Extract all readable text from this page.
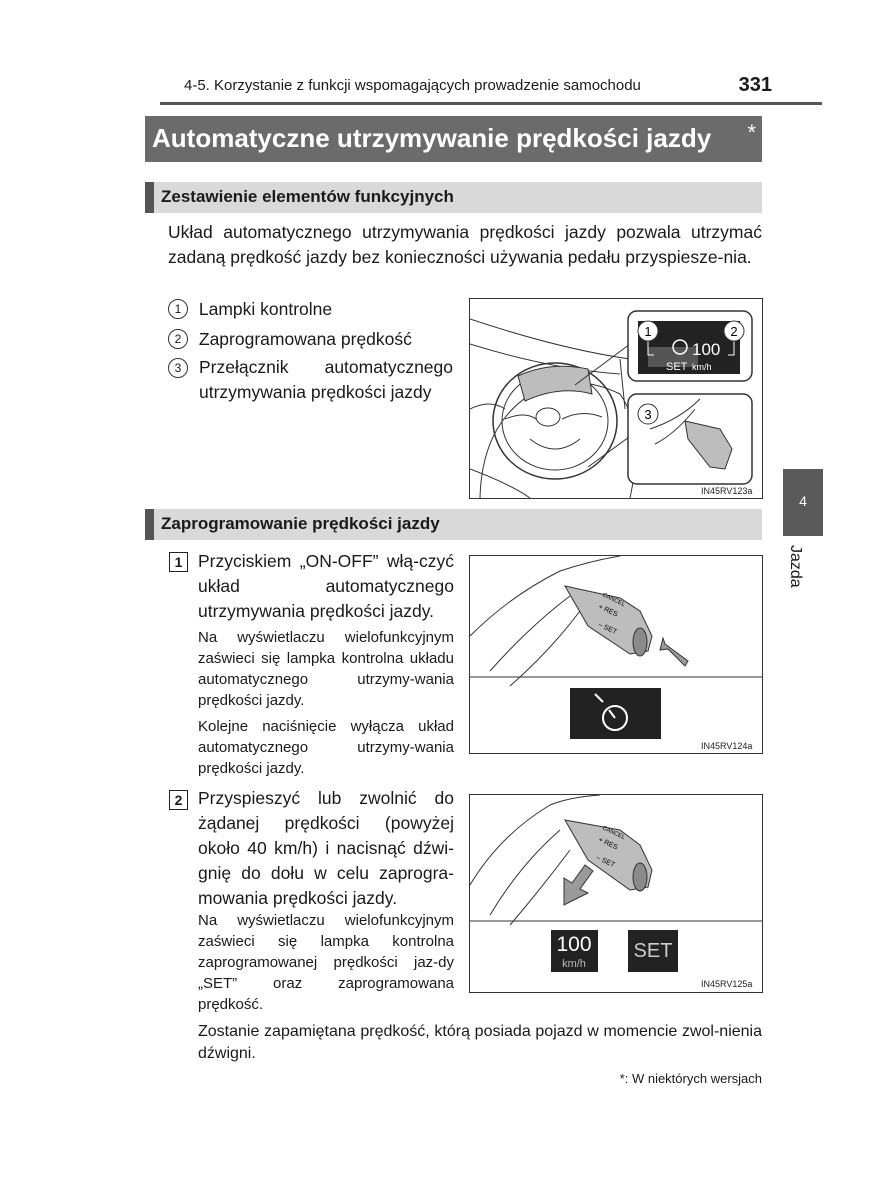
4-5. Korzystanie z funkcji wspomagających prowadzenie samochodu	331
Automatyczne utrzymywanie prędkości jazdy *
Zestawienie elementów funkcyjnych
Układ automatycznego utrzymywania prędkości jazdy pozwala utrzymać zadaną prędkość jazdy bez konieczności używania pedału przyspiesze-nia.
1 Lampki kontrolne
2 Zaprogramowana prędkość
3	Przełącznik automatycznego utrzymywania prędkości jazdy
100
SET km/h
1	2
3
IN45RV123a
Zaprogramowanie prędkości jazdy
1 Przyciskiem „ON-OFF” włą-czyć układ automatycznego utrzymywania prędkości jazdy.
Na wyświetlaczu wielofunkcyjnym zaświeci się lampka kontrolna układu automatycznego utrzymy-wania prędkości jazdy.
Kolejne naciśnięcie wyłącza układ automatycznego utrzymy-wania prędkości jazdy.
CANCEL
+ RES
– SET
IN45RV124a
2 Przyspieszyć lub zwolnić do żądanej prędkości (powyżej około 40 km/h) i nacisnąć dźwi-gnię do dołu w celu zaprogra-mowania prędkości jazdy.
Na wyświetlaczu wielofunkcyjnym zaświeci się lampka kontrolna zaprogramowanej prędkości jaz-dy „SET” oraz zaprogramowana prędkość.
CANCEL
+ RES
– SET
100
km/h
SET
IN45RV125a
Zostanie zapamiętana prędkość, którą posiada pojazd w momencie zwol-nienia dźwigni.
*: W niektórych wersjach
4
Jazda
